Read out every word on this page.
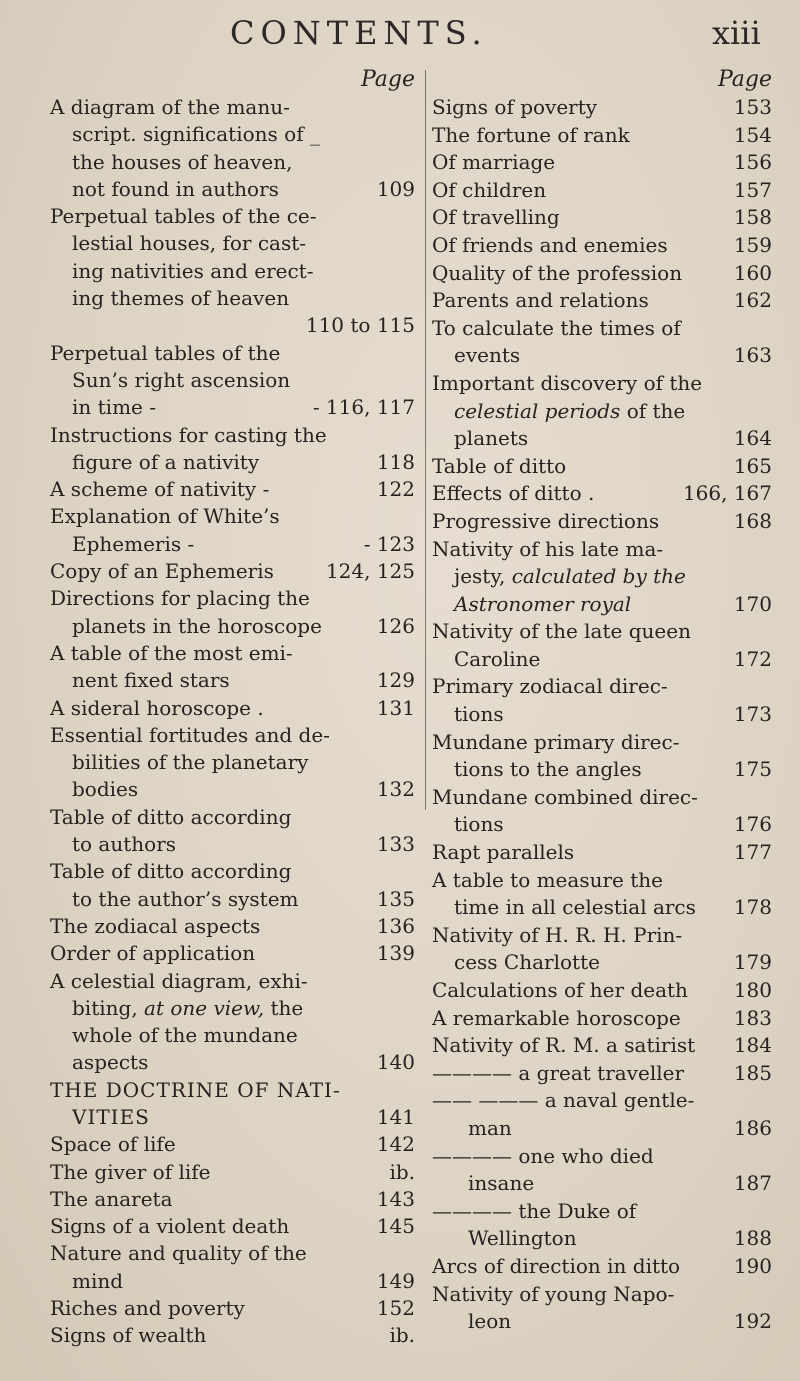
CONTENTS.	xiii
Page
A diagram of the manu-
script. significations of _
the houses of heaven,
not found in authors	109
Perpetual tables of the ce-
lestial houses, for cast-
ing nativities and erect-
ing themes of heaven
110 to 115
Perpetual tables of the
Sun’s right ascension
in time -	- 116, 117
Instructions for casting the
figure of a nativity	118
A scheme of nativity -	122
Explanation of White’s
Ephemeris -	- 123
Copy of an Ephemeris	124, 125
Directions for placing the
planets in the horoscope	126
A table of the most emi-
nent fixed stars	129
A sideral horoscope .	131
Essential fortitudes and de-
bilities of the planetary
bodies	132
Table of ditto according
to authors	133
Table of ditto according
to the author’s system	135
The zodiacal aspects	136
Order of application	139
A celestial diagram, exhi-
biting, at one view, the
whole of the mundane
aspects	140
THE DOCTRINE OF NATI-
VITIES	141
Space of life	142
The giver of life	ib.
The anareta	143
Signs of a violent death	145
Nature and quality of the
mind	149
Riches and poverty	152
Signs of wealth	ib.
Page
Signs of poverty	153
The fortune of rank	154
Of marriage	156
Of children	157
Of travelling	158
Of friends and enemies	159
Quality of the profession	160
Parents and relations	162
To calculate the times of
events	163
Important discovery of the
celestial periods of the
planets	164
Table of ditto	165
Effects of ditto .	166, 167
Progressive directions	168
Nativity of his late ma-
jesty, calculated by the
Astronomer royal	170
Nativity of the late queen
Caroline	172
Primary zodiacal direc-
tions	173
Mundane primary direc-
tions to the angles	175
Mundane combined direc-
tions	176
Rapt parallels	177
A table to measure the
time in all celestial arcs 178
Nativity of H. R. H. Prin-
cess Charlotte	179
Calculations of her death 180
A remarkable horoscope	183
Nativity of R. M. a satirist 184
———— a great traveller 185
—— ——— a naval gentle-
man	186
———— one who died
insane	187
———— the Duke of
Wellington	188
Arcs of direction in ditto	190
Nativity of young Napo-
leon	192
